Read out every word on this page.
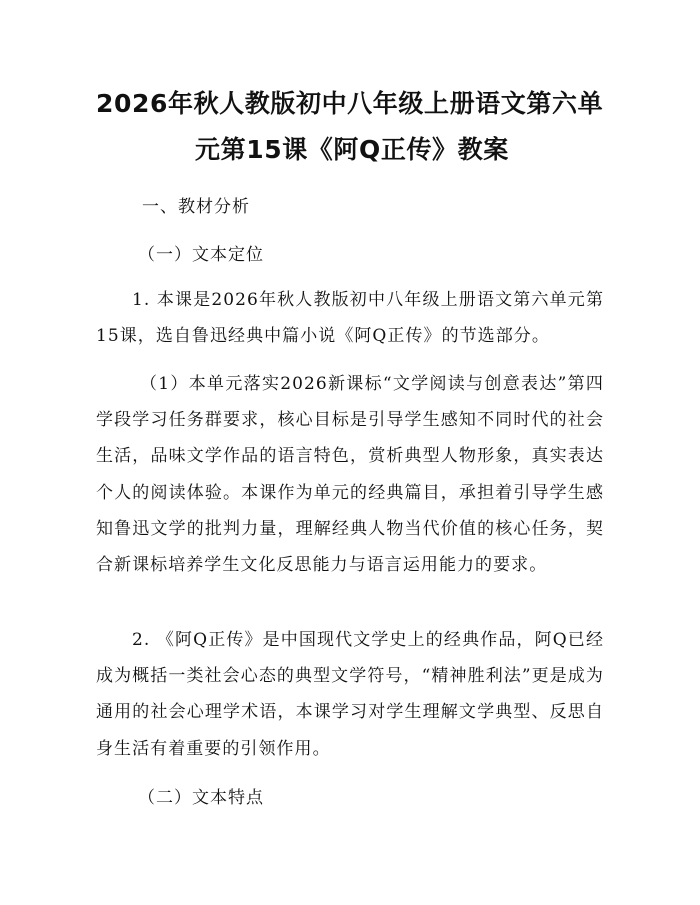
2026年秋人教版初中八年级上册语文第六单
元第15课《阿Q正传》教案
一、教材分析
（一）文本定位
1. 本课是2026年秋人教版初中八年级上册语文第六单元第15课，选自鲁迅经典中篇小说《阿Q正传》的节选部分。
（1）本单元落实2026新课标“文学阅读与创意表达”第四学段学习任务群要求，核心目标是引导学生感知不同时代的社会生活，品味文学作品的语言特色，赏析典型人物形象，真实表达个人的阅读体验。本课作为单元的经典篇目，承担着引导学生感知鲁迅文学的批判力量，理解经典人物当代价值的核心任务，契合新课标培养学生文化反思能力与语言运用能力的要求。
2. 《阿Q正传》是中国现代文学史上的经典作品，阿Q已经成为概括一类社会心态的典型文学符号，“精神胜利法”更是成为通用的社会心理学术语，本课学习对学生理解文学典型、反思自身生活有着重要的引领作用。
（二）文本特点
